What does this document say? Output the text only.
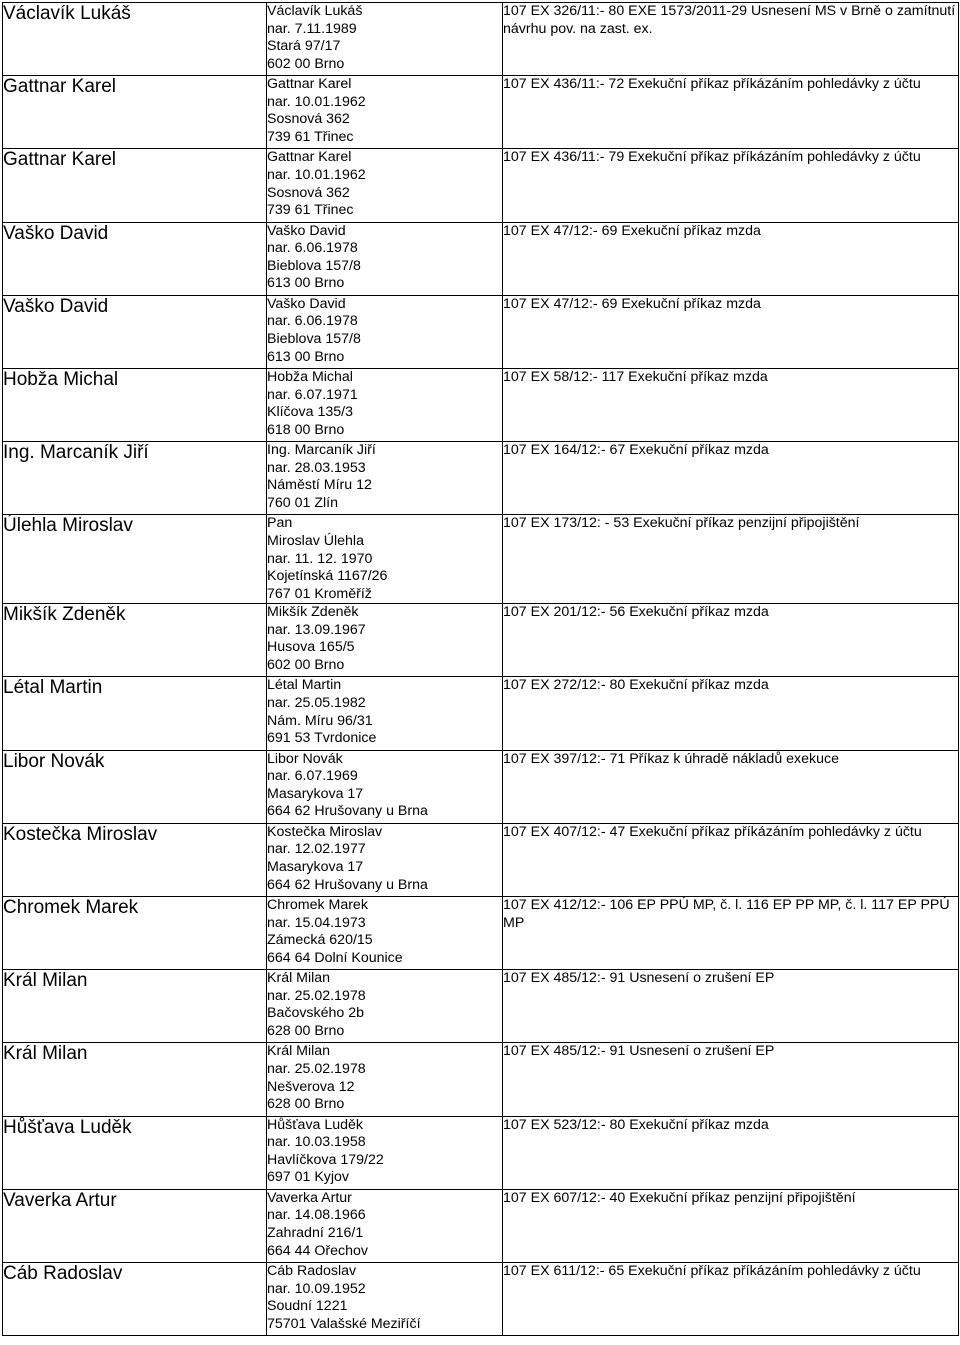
Václavík Lukáš	Václavík Lukáš
nar. 7.11.1989
Stará 97/17
602 00 Brno	107 EX 326/11:- 80 EXE 1573/2011-29 Usnesení MS v Brně o zamítnutí návrhu pov. na zast. ex.
Gattnar Karel	Gattnar Karel
nar. 10.01.1962
Sosnová 362
739 61 Třinec	107 EX 436/11:- 72 Exekuční příkaz příkázáním pohledávky z účtu
Gattnar Karel	Gattnar Karel
nar. 10.01.1962
Sosnová 362
739 61 Třinec	107 EX 436/11:- 79 Exekuční příkaz příkázáním pohledávky z účtu
Vaško David	Vaško David
nar. 6.06.1978
Bieblova 157/8
613 00 Brno	107 EX 47/12:- 69 Exekuční příkaz mzda
Vaško David	Vaško David
nar. 6.06.1978
Bieblova 157/8
613 00 Brno	107 EX 47/12:- 69 Exekuční příkaz mzda
Hobža Michal	Hobža Michal
nar. 6.07.1971
Klíčova 135/3
618 00 Brno	107 EX 58/12:- 117 Exekuční příkaz mzda
Ing. Marcaník Jiří	Ing. Marcaník Jiří
nar. 28.03.1953
Náměstí Míru 12
760 01 Zlín	107 EX 164/12:- 67 Exekuční příkaz mzda
Úlehla Miroslav	Pan
Miroslav Úlehla
nar. 11. 12. 1970
Kojetínská 1167/26
767 01 Kroměříž	107 EX 173/12: - 53 Exekuční příkaz penzijní připojištění
Mikšík Zdeněk	Mikšík Zdeněk
nar. 13.09.1967
Husova 165/5
602 00 Brno	107 EX 201/12:- 56 Exekuční příkaz mzda
Létal Martin	Létal Martin
nar. 25.05.1982
Nám. Míru 96/31
691 53 Tvrdonice	107 EX 272/12:- 80 Exekuční příkaz mzda
Libor Novák	Libor Novák
nar. 6.07.1969
Masarykova 17
664 62 Hrušovany u Brna	107 EX 397/12:- 71 Příkaz k úhradě nákladů exekuce
Kostečka Miroslav	Kostečka Miroslav
nar. 12.02.1977
Masarykova 17
664 62 Hrušovany u Brna	107 EX 407/12:- 47 Exekuční příkaz příkázáním pohledávky z účtu
Chromek Marek	Chromek Marek
nar. 15.04.1973
Zámecká 620/15
664 64 Dolní Kounice	107 EX 412/12:- 106 EP PPÚ MP, č. l. 116 EP PP MP, č. l. 117 EP PPÚ MP
Král Milan	Král Milan
nar. 25.02.1978
Bačovského 2b
628 00 Brno	107 EX 485/12:- 91 Usnesení o zrušení EP
Král Milan	Král Milan
nar. 25.02.1978
Nešverova 12
628 00 Brno	107 EX 485/12:- 91 Usnesení o zrušení EP
Hůšťava Luděk	Hůšťava Luděk
nar. 10.03.1958
Havlíčkova 179/22
697 01 Kyjov	107 EX 523/12:- 80 Exekuční příkaz mzda
Vaverka Artur	Vaverka Artur
nar. 14.08.1966
Zahradní 216/1
664 44 Ořechov	107 EX 607/12:- 40 Exekuční příkaz penzijní připojištění
Cáb Radoslav	Cáb Radoslav
nar. 10.09.1952
Soudní 1221
75701 Valašské Meziříčí	107 EX 611/12:- 65 Exekuční příkaz příkázáním pohledávky z účtu
